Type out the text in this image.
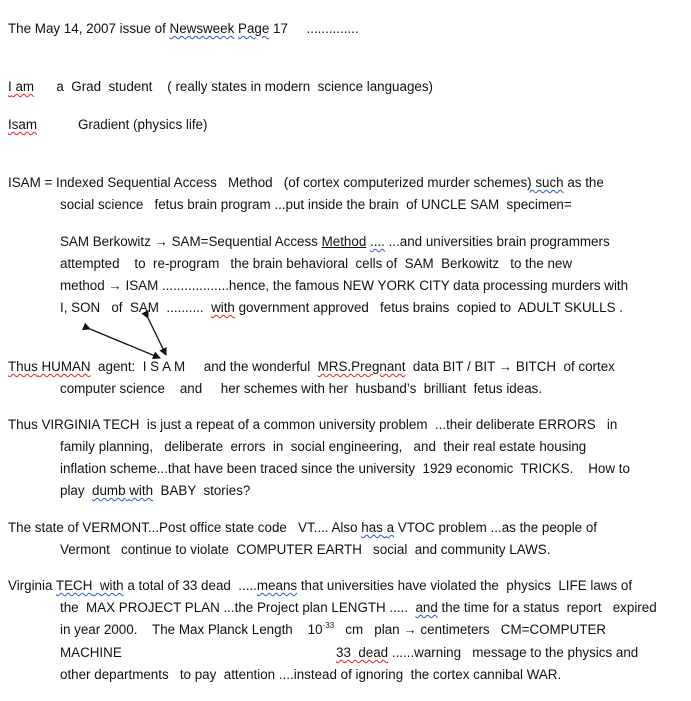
The May 14, 2007 issue of Newsweek Page 17     ..............
I am      a  Grad  student    ( really states in modern  science languages)
Isam           Gradient (physics life)
ISAM = Indexed Sequential Access   Method   (of cortex computerized murder schemes) such as the
social science   fetus brain program ...put inside the brain  of UNCLE SAM  specimen=
SAM Berkowitz → SAM=Sequential Access Method .... ...and universities brain programmers
attempted    to  re-program   the brain behavioral  cells of  SAM  Berkowitz   to the new
method → ISAM ..................hence, the famous NEW YORK CITY data processing murders with
I, SON   of  SAM  ..........  with government approved   fetus brains  copied to  ADULT SKULLS .
Thus HUMAN  agent:  I S A M     and the wonderful  MRS.Pregnant  data BIT / BIT → BITCH  of cortex
computer science    and     her schemes with her  husband’s  brilliant  fetus ideas.
Thus VIRGINIA TECH  is just a repeat of a common university problem  ...their deliberate ERRORS   in
family planning,   deliberate  errors  in  social engineering,   and  their real estate housing
inflation scheme...that have been traced since the university  1929 economic  TRICKS.    How to
play  dumb with  BABY  stories?
The state of VERMONT...Post office state code   VT.... Also has a VTOC problem ...as the people of
Vermont   continue to violate  COMPUTER EARTH   social  and community LAWS.
Virginia TECH with a total of 33 dead  .....means that universities have violated the  physics  LIFE laws of
the  MAX PROJECT PLAN ...the Project plan LENGTH .....  and the time for a status  report   expired
in year 2000.    The Max Planck Length    $10^{-33}$   cm   plan → centimeters   CM=COMPUTER
MACHINE	33  dead ......warning   message to the physics and
other departments   to pay  attention ....instead of ignoring  the cortex cannibal WAR.
